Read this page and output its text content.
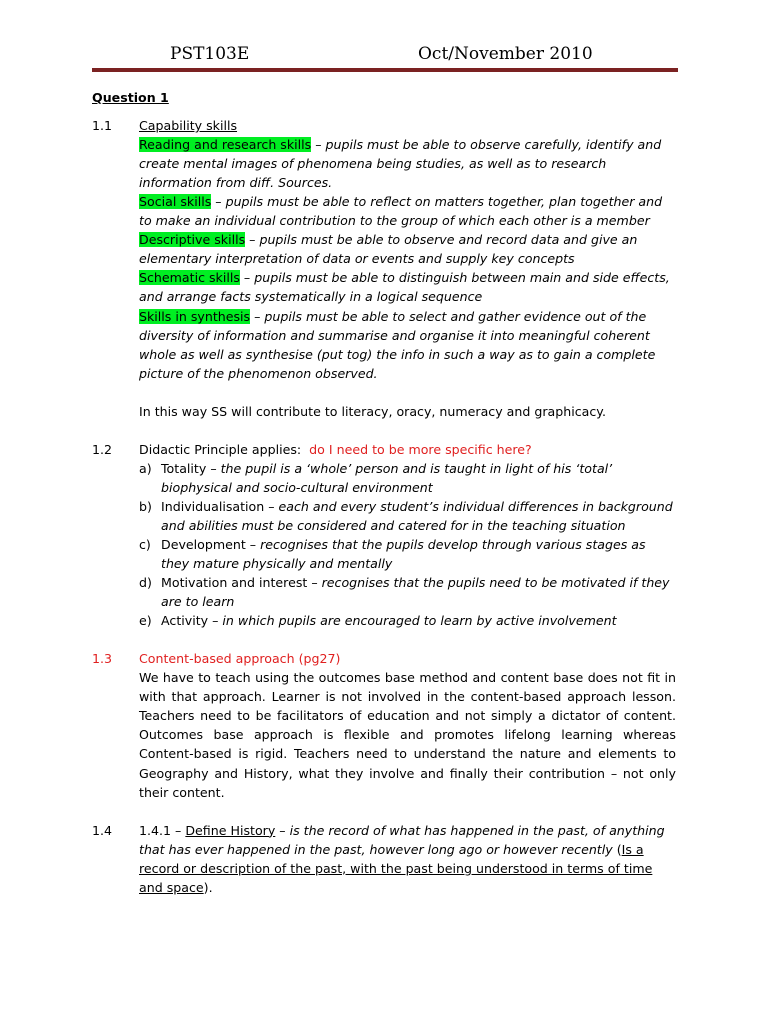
PST103E	Oct/November 2010
Question 1
1.1 Capability skills
Reading and research skills – pupils must be able to observe carefully, identify and create mental images of phenomena being studies, as well as to research information from diff. Sources.
Social skills – pupils must be able to reflect on matters together, plan together and to make an individual contribution to the group of which each other is a member
Descriptive skills – pupils must be able to observe and record data and give an elementary interpretation of data or events and supply key concepts
Schematic skills – pupils must be able to distinguish between main and side effects, and arrange facts systematically in a logical sequence
Skills in synthesis – pupils must be able to select and gather evidence out of the diversity of information and summarise and organise it into meaningful coherent whole as well as synthesise (put tog) the info in such a way as to gain a complete picture of the phenomenon observed.
In this way SS will contribute to literacy, oracy, numeracy and graphicacy.
1.2 Didactic Principle applies: do I need to be more specific here?
a) Totality – the pupil is a ‘whole’ person and is taught in light of his ‘total’ biophysical and socio-cultural environment
b) Individualisation – each and every student’s individual differences in background and abilities must be considered and catered for in the teaching situation
c) Development – recognises that the pupils develop through various stages as they mature physically and mentally
d) Motivation and interest – recognises that the pupils need to be motivated if they are to learn
e) Activity – in which pupils are encouraged to learn by active involvement
1.3 Content-based approach (pg27)
We have to teach using the outcomes base method and content base does not fit in with that approach. Learner is not involved in the content-based approach lesson. Teachers need to be facilitators of education and not simply a dictator of content. Outcomes base approach is flexible and promotes lifelong learning whereas Content-based is rigid. Teachers need to understand the nature and elements to Geography and History, what they involve and finally their contribution – not only their content.
1.4 1.4.1 – Define History – is the record of what has happened in the past, of anything that has ever happened in the past, however long ago or however recently (Is a record or description of the past, with the past being understood in terms of time and space).
